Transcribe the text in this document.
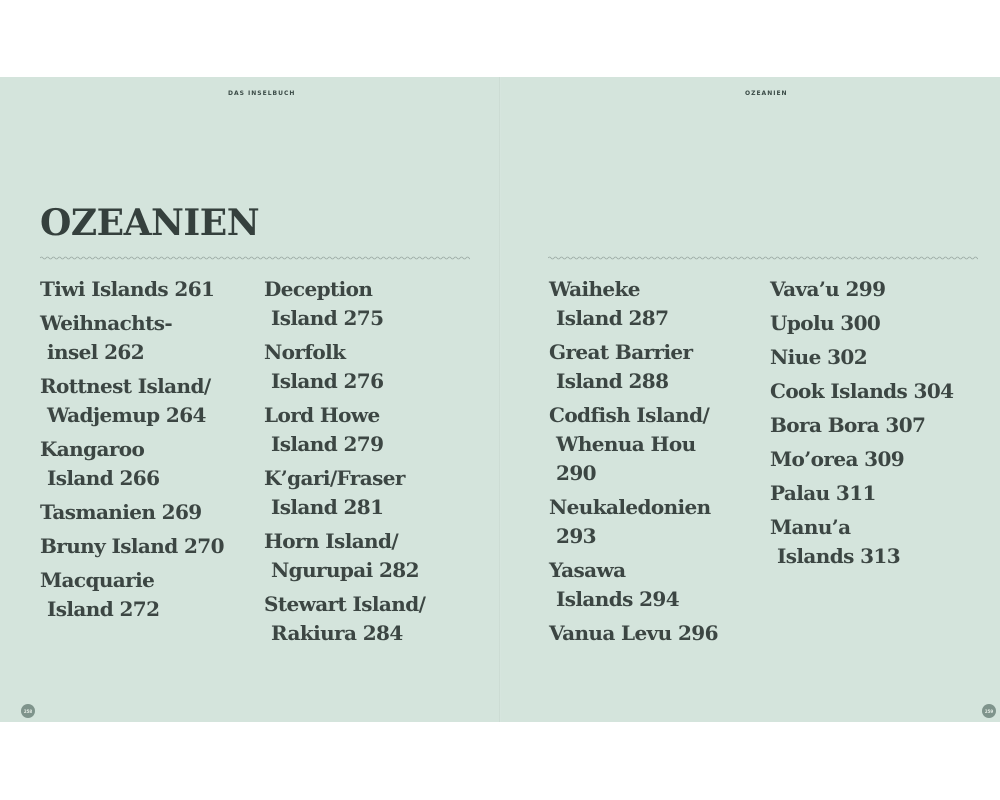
DAS INSELBUCH	OZEANIEN
OZEANIEN
Tiwi Islands 261
Weihnachts-
insel 262
Rottnest Island/
Wadjemup 264
Kangaroo
Island 266
Tasmanien 269
Bruny Island 270
Macquarie
Island 272
Deception
Island 275
Norfolk
Island 276
Lord Howe
Island 279
K’gari/Fraser
Island 281
Horn Island/
Ngurupai 282
Stewart Island/
Rakiura 284
Waiheke
Island 287
Great Barrier
Island 288
Codfish Island/
Whenua Hou
290
Neukaledonien
293
Yasawa
Islands 294
Vanua Levu 296
Vava’u 299
Upolu 300
Niue 302
Cook Islands 304
Bora Bora 307
Mo’orea 309
Palau 311
Manu’a
Islands 313
258	259
